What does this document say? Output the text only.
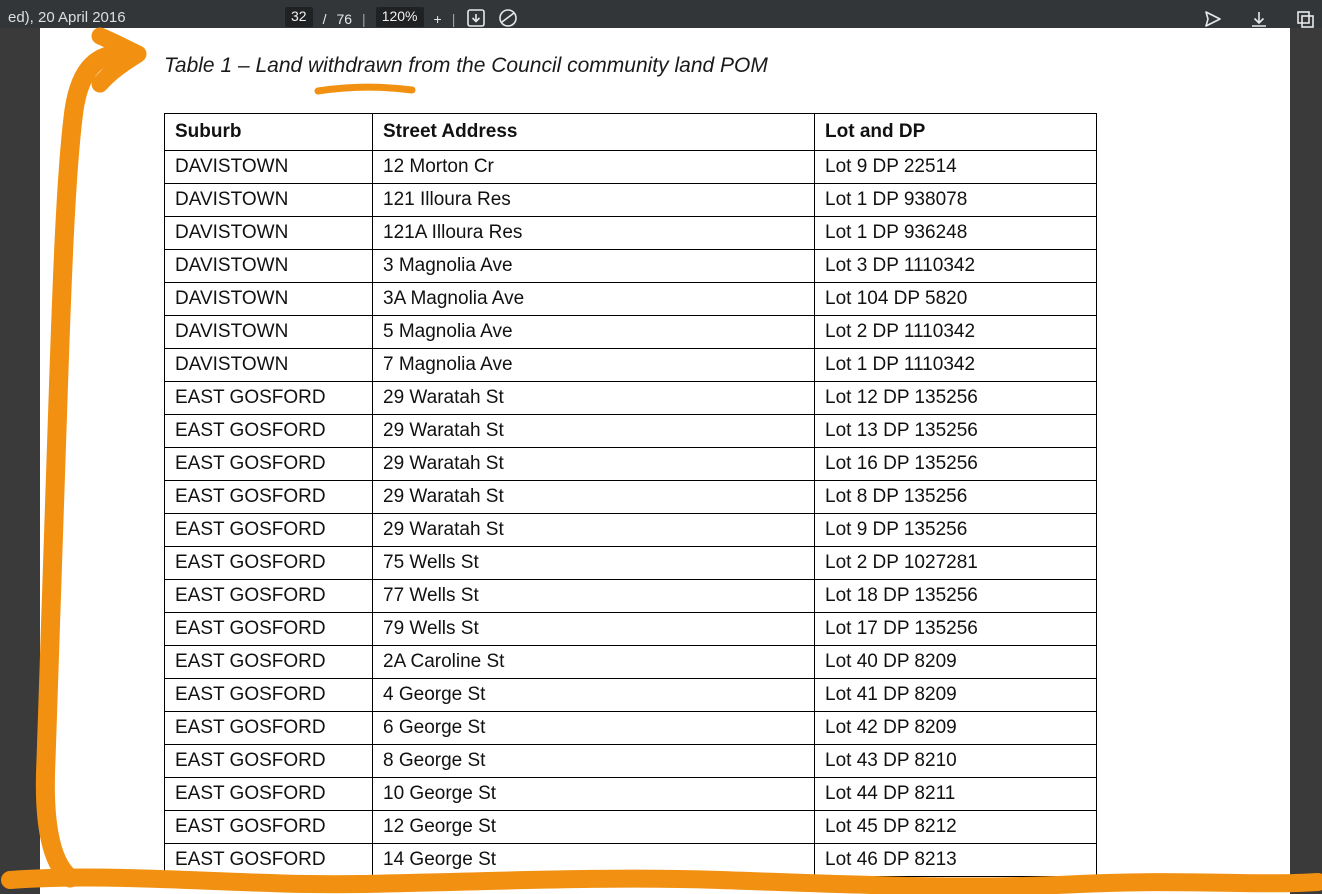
ed), 20 April 2016	32	/ 76 |	120%	+ |
Table 1 – Land withdrawn from the Council community land POM
Suburb	Street Address	Lot and DP
DAVISTOWN	12 Morton Cr	Lot 9 DP 22514
DAVISTOWN	121 Illoura Res	Lot 1 DP 938078
DAVISTOWN	121A Illoura Res	Lot 1 DP 936248
DAVISTOWN	3 Magnolia Ave	Lot 3 DP 1110342
DAVISTOWN	3A Magnolia Ave	Lot 104 DP 5820
DAVISTOWN	5 Magnolia Ave	Lot 2 DP 1110342
DAVISTOWN	7 Magnolia Ave	Lot 1 DP 1110342
EAST GOSFORD	29 Waratah St	Lot 12 DP 135256
EAST GOSFORD	29 Waratah St	Lot 13 DP 135256
EAST GOSFORD	29 Waratah St	Lot 16 DP 135256
EAST GOSFORD	29 Waratah St	Lot 8 DP 135256
EAST GOSFORD	29 Waratah St	Lot 9 DP 135256
EAST GOSFORD	75 Wells St	Lot 2 DP 1027281
EAST GOSFORD	77 Wells St	Lot 18 DP 135256
EAST GOSFORD	79 Wells St	Lot 17 DP 135256
EAST GOSFORD	2A Caroline St	Lot 40 DP 8209
EAST GOSFORD	4 George St	Lot 41 DP 8209
EAST GOSFORD	6 George St	Lot 42 DP 8209
EAST GOSFORD	8 George St	Lot 43 DP 8210
EAST GOSFORD	10 George St	Lot 44 DP 8211
EAST GOSFORD	12 George St	Lot 45 DP 8212
EAST GOSFORD	14 George St	Lot 46 DP 8213
